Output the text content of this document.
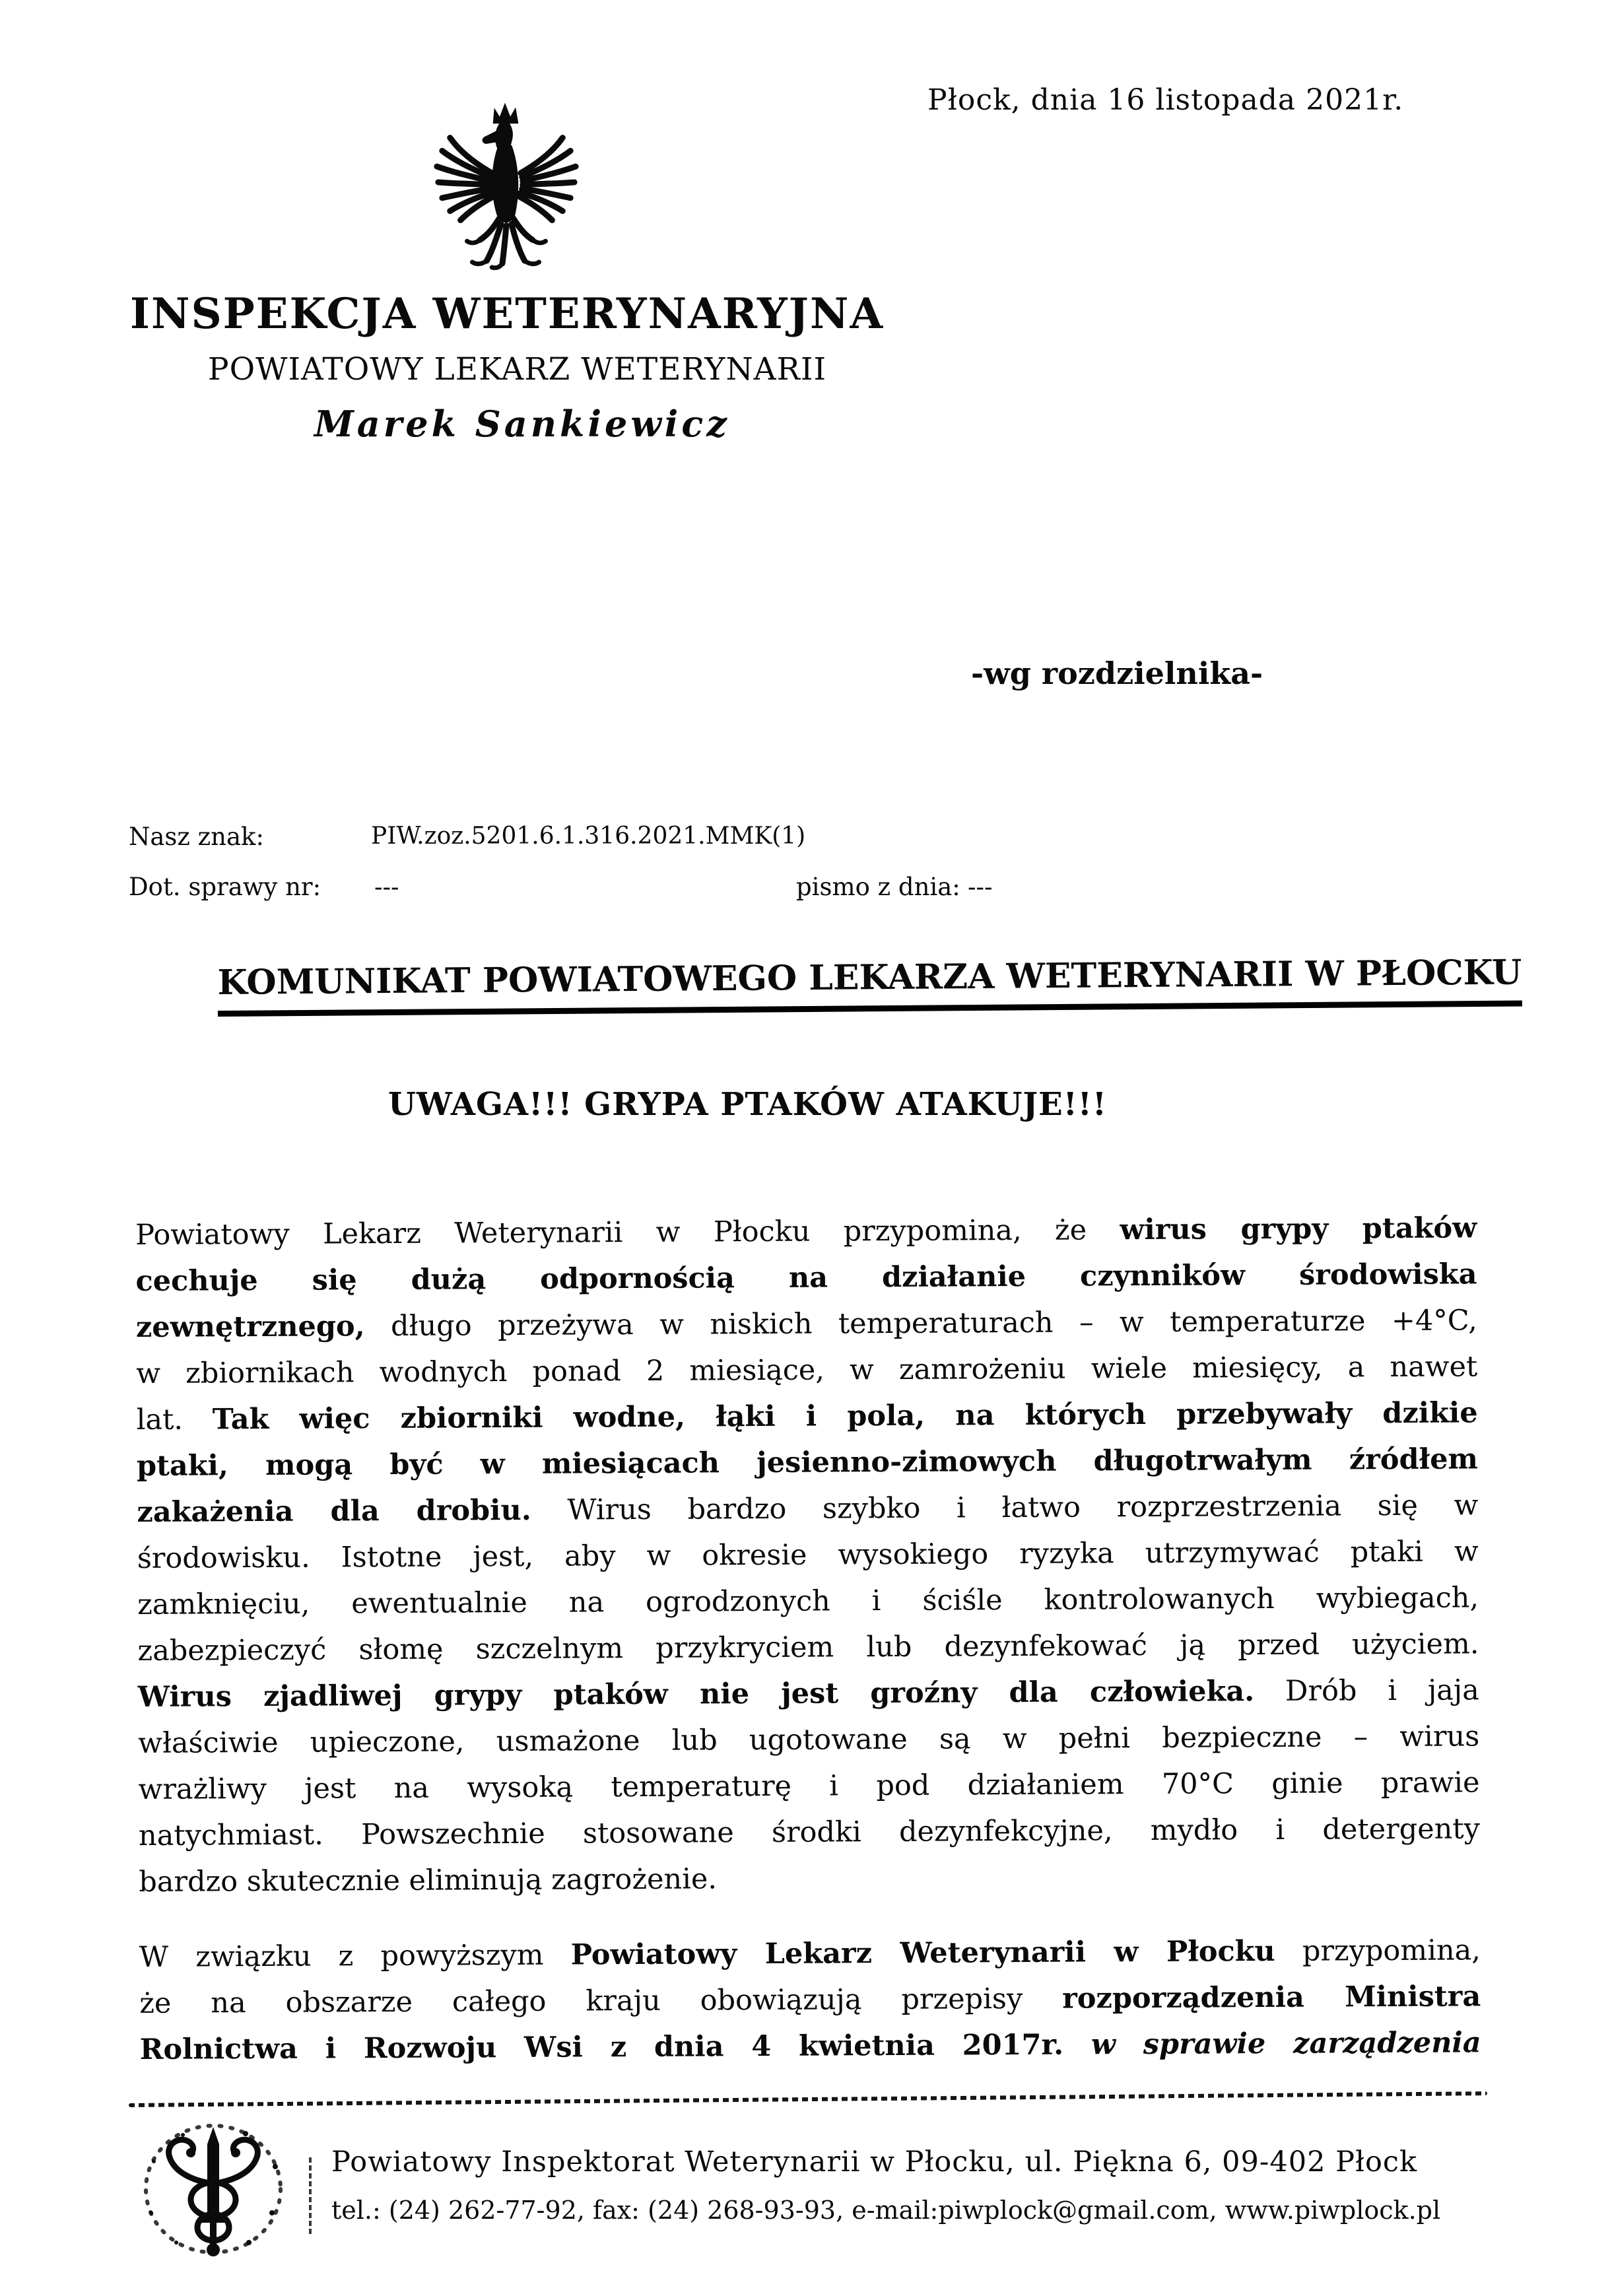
Płock, dnia 16 listopada 2021r.
INSPEKCJA WETERYNARYJNA
POWIATOWY LEKARZ WETERYNARII
Marek Sankiewicz
-wg rozdzielnika-
Nasz znak:	PIW.zoz.5201.6.1.316.2021.MMK(1)
Dot. sprawy nr: ---	pismo z dnia: ---
KOMUNIKAT POWIATOWEGO LEKARZA WETERYNARII W PŁOCKU
UWAGA!!! GRYPA PTAKÓW ATAKUJE!!!
Powiatowy Lekarz Weterynarii w Płocku przypomina, że wirus grypy ptaków
cechuje się dużą odpornością na działanie czynników środowiska
zewnętrznego, długo przeżywa w niskich temperaturach – w temperaturze +4°C,
w zbiornikach wodnych ponad 2 miesiące, w zamrożeniu wiele miesięcy, a nawet
lat. Tak więc zbiorniki wodne, łąki i pola, na których przebywały dzikie
ptaki, mogą być w miesiącach jesienno-zimowych długotrwałym źródłem
zakażenia dla drobiu. Wirus bardzo szybko i łatwo rozprzestrzenia się w
środowisku. Istotne jest, aby w okresie wysokiego ryzyka utrzymywać ptaki w
zamknięciu, ewentualnie na ogrodzonych i ściśle kontrolowanych wybiegach,
zabezpieczyć słomę szczelnym przykryciem lub dezynfekować ją przed użyciem.
Wirus zjadliwej grypy ptaków nie jest groźny dla człowieka. Drób i jaja
właściwie upieczone, usmażone lub ugotowane są w pełni bezpieczne – wirus
wrażliwy jest na wysoką temperaturę i pod działaniem 70°C ginie prawie
natychmiast. Powszechnie stosowane środki dezynfekcyjne, mydło i detergenty
bardzo skutecznie eliminują zagrożenie.
W związku z powyższym Powiatowy Lekarz Weterynarii w Płocku przypomina,
że na obszarze całego kraju obowiązują przepisy rozporządzenia Ministra
Rolnictwa i Rozwoju Wsi z dnia 4 kwietnia 2017r. w sprawie zarządzenia
Powiatowy Inspektorat Weterynarii w Płocku, ul. Piękna 6, 09-402 Płock
tel.: (24) 262-77-92, fax: (24) 268-93-93, e-mail:piwplock@gmail.com, www.piwplock.pl
